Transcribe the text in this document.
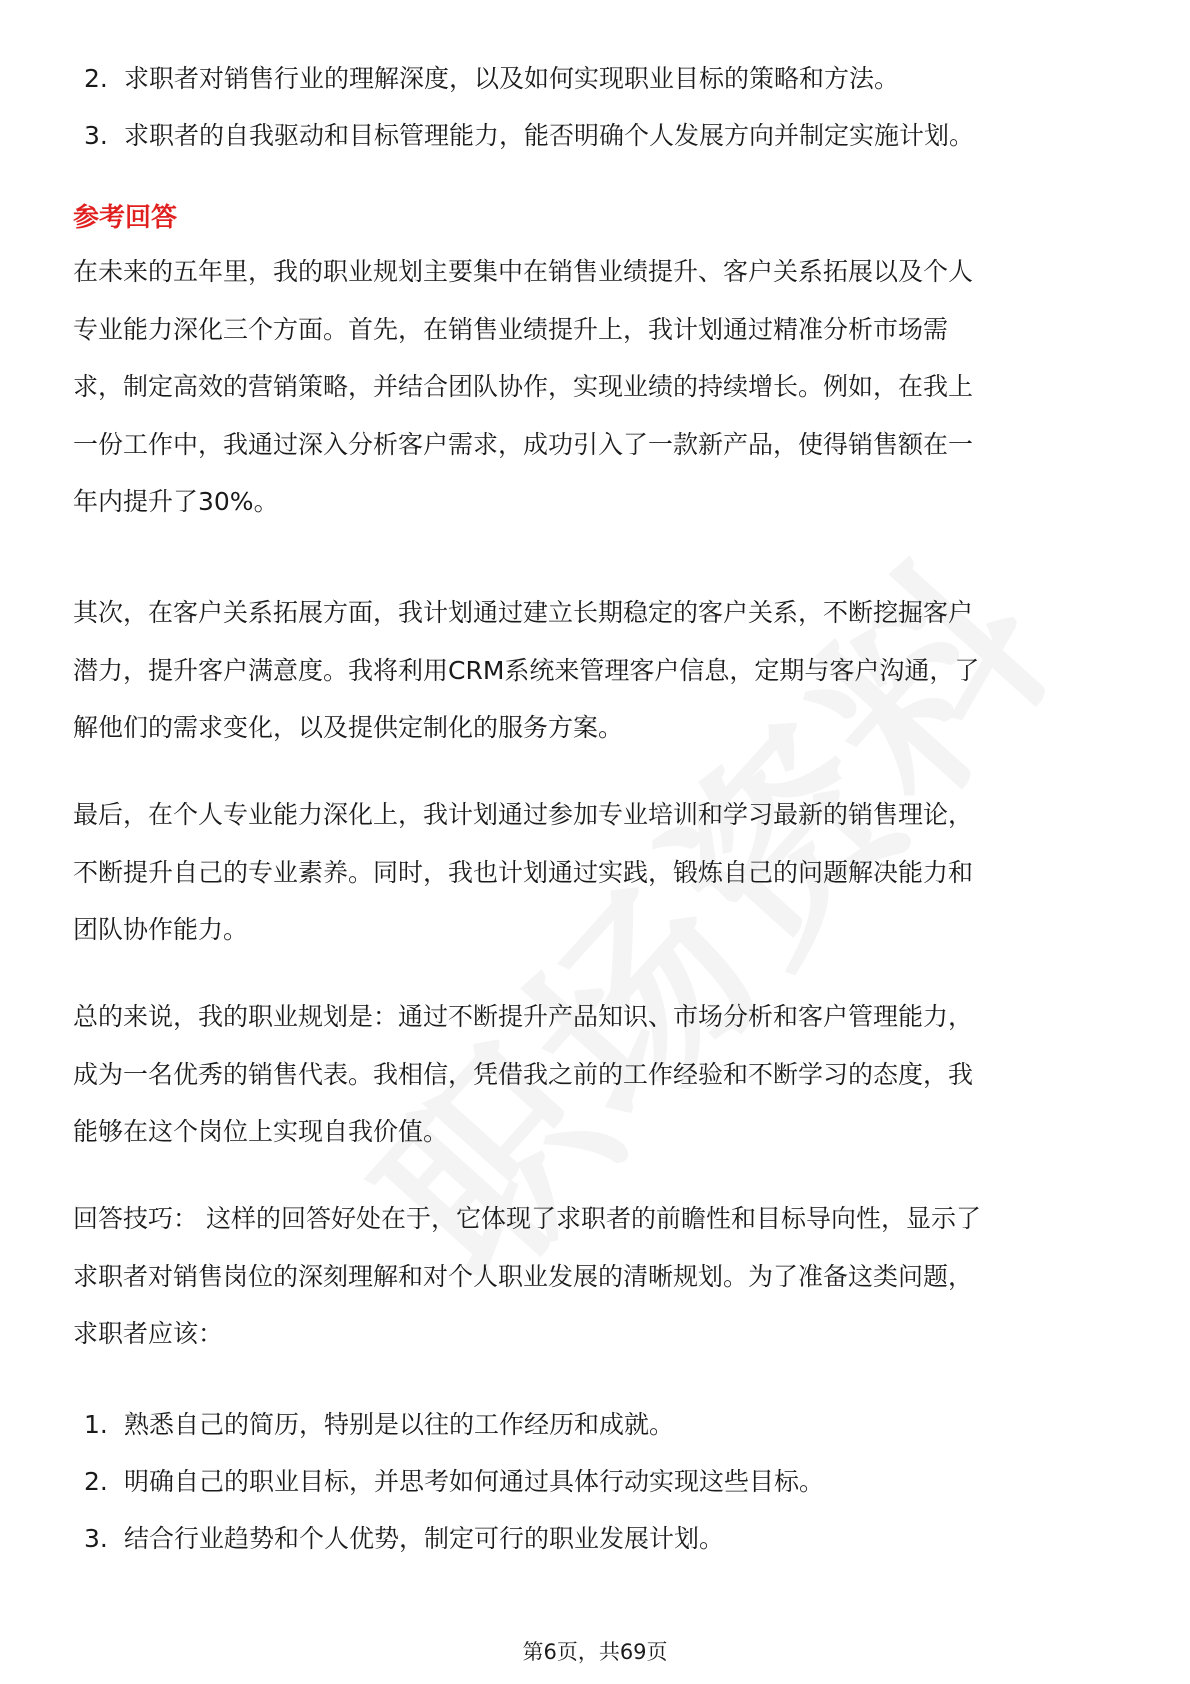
2. 求职者对销售行业的理解深度，以及如何实现职业目标的策略和方法。
3. 求职者的自我驱动和目标管理能力，能否明确个人发展方向并制定实施计划。
参考回答
在未来的五年里，我的职业规划主要集中在销售业绩提升、客户关系拓展以及个人
专业能力深化三个方面。首先，在销售业绩提升上，我计划通过精准分析市场需
求，制定高效的营销策略，并结合团队协作，实现业绩的持续增长。例如，在我上
一份工作中，我通过深入分析客户需求，成功引入了一款新产品，使得销售额在一
年内提升了30%。
其次，在客户关系拓展方面，我计划通过建立长期稳定的客户关系，不断挖掘客户
潜力，提升客户满意度。我将利用CRM系统来管理客户信息，定期与客户沟通，了
解他们的需求变化，以及提供定制化的服务方案。
最后，在个人专业能力深化上，我计划通过参加专业培训和学习最新的销售理论，
不断提升自己的专业素养。同时，我也计划通过实践，锻炼自己的问题解决能力和
团队协作能力。
总的来说，我的职业规划是：通过不断提升产品知识、市场分析和客户管理能力，
成为一名优秀的销售代表。我相信，凭借我之前的工作经验和不断学习的态度，我
能够在这个岗位上实现自我价值。
回答技巧： 这样的回答好处在于，它体现了求职者的前瞻性和目标导向性，显示了
求职者对销售岗位的深刻理解和对个人职业发展的清晰规划。为了准备这类问题，
求职者应该：
1. 熟悉自己的简历，特别是以往的工作经历和成就。
2. 明确自己的职业目标，并思考如何通过具体行动实现这些目标。
3. 结合行业趋势和个人优势，制定可行的职业发展计划。
第6页，共69页
